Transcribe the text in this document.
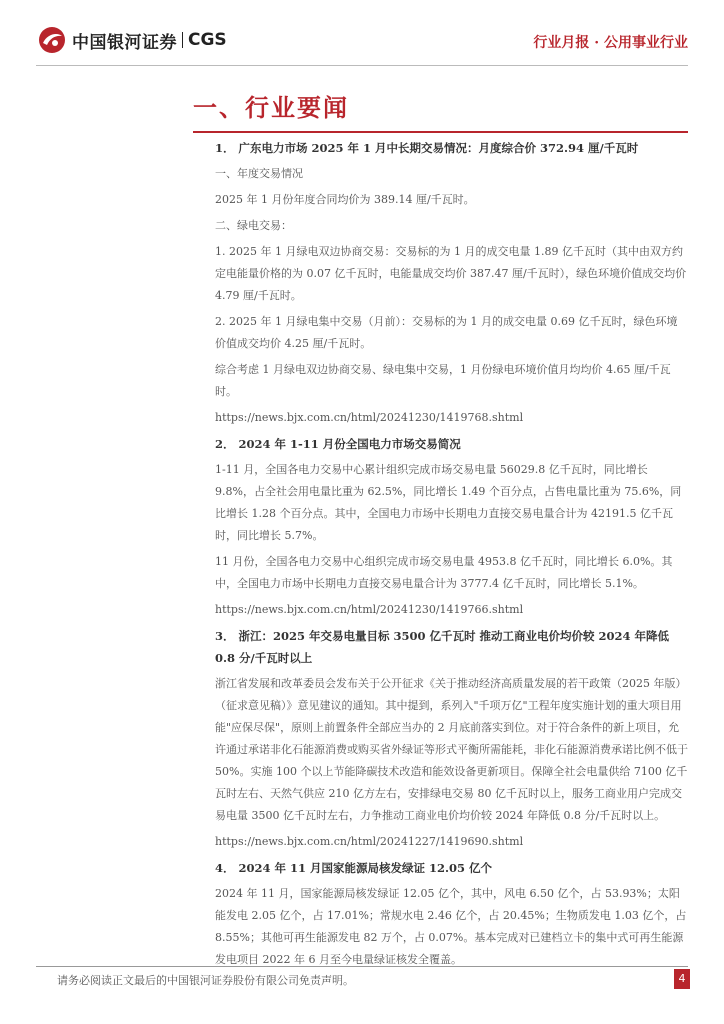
中国银河证券 CGS	行业月报 · 公用事业行业
一、行业要闻
1． 广东电力市场 2025 年 1 月中长期交易情况：月度综合价 372.94 厘/千瓦时
一、年度交易情况
2025 年 1 月份年度合同均价为 389.14 厘/千瓦时。
二、绿电交易：
1. 2025 年 1 月绿电双边协商交易：交易标的为 1 月的成交电量 1.89 亿千瓦时（其中由双方约定电能量价格的为 0.07 亿千瓦时，电能量成交均价 387.47 厘/千瓦时），绿色环境价值成交均价 4.79 厘/千瓦时。
2. 2025 年 1 月绿电集中交易（月前）：交易标的为 1 月的成交电量 0.69 亿千瓦时，绿色环境价值成交均价 4.25 厘/千瓦时。
综合考虑 1 月绿电双边协商交易、绿电集中交易，1 月份绿电环境价值月均均价 4.65 厘/千瓦时。
https://news.bjx.com.cn/html/20241230/1419768.shtml
2． 2024 年 1-11 月份全国电力市场交易简况
1-11 月，全国各电力交易中心累计组织完成市场交易电量 56029.8 亿千瓦时，同比增长 9.8%，占全社会用电量比重为 62.5%，同比增长 1.49 个百分点，占售电量比重为 75.6%，同比增长 1.28 个百分点。其中，全国电力市场中长期电力直接交易电量合计为 42191.5 亿千瓦时，同比增长 5.7%。
11 月份，全国各电力交易中心组织完成市场交易电量 4953.8 亿千瓦时，同比增长 6.0%。其中，全国电力市场中长期电力直接交易电量合计为 3777.4 亿千瓦时，同比增长 5.1%。
https://news.bjx.com.cn/html/20241230/1419766.shtml
3． 浙江：2025 年交易电量目标 3500 亿千瓦时 推动工商业电价均价较 2024 年降低 0.8 分/千瓦时以上
浙江省发展和改革委员会发布关于公开征求《关于推动经济高质量发展的若干政策（2025 年版）（征求意见稿）》意见建议的通知。其中提到，系列入"千项万亿"工程年度实施计划的重大项目用能"应保尽保"，原则上前置条件全部应当办的 2 月底前落实到位。对于符合条件的新上项目，允许通过承诺非化石能源消费或购买省外绿证等形式平衡所需能耗，非化石能源消费承诺比例不低于 50%。实施 100 个以上节能降碳技术改造和能效设备更新项目。保障全社会电量供给 7100 亿千瓦时左右、天然气供应 210 亿方左右，安排绿电交易 80 亿千瓦时以上，服务工商业用户完成交易电量 3500 亿千瓦时左右，力争推动工商业电价均价较 2024 年降低 0.8 分/千瓦时以上。
https://news.bjx.com.cn/html/20241227/1419690.shtml
4． 2024 年 11 月国家能源局核发绿证 12.05 亿个
2024 年 11 月，国家能源局核发绿证 12.05 亿个，其中，风电 6.50 亿个，占 53.93%；太阳能发电 2.05 亿个，占 17.01%；常规水电 2.46 亿个，占 20.45%；生物质发电 1.03 亿个，占 8.55%；其他可再生能源发电 82 万个，占 0.07%。基本完成对已建档立卡的集中式可再生能源发电项目 2022 年 6 月至今电量绿证核发全覆盖。
请务必阅读正文最后的中国银河证券股份有限公司免责声明。	4
